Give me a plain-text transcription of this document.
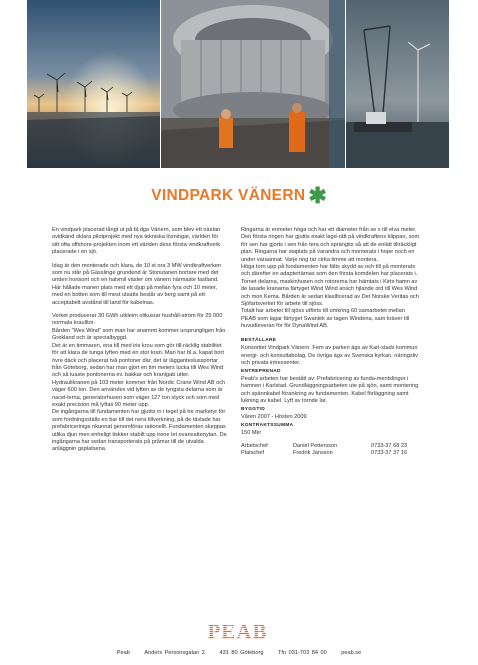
VINDPARK VÄNERN ✱

En vindpark placerad långt ut på bl.dga Vänern, som blev ett nästan ovidkänd oklara pilotprojekt med nya tekniska lösningar, världen för sitt ofta offshore-projekten inom ett världen dess första vindkraftverk placerade i en sjö.

Idag är den monterade och klara, de 10 st ora 3 MW vindkraftverken som nu står på Gässlinge grundend är Stonutanen bortare med det unden horisont och en halvmil väster om vänern närmaste fastland. Här hållade manen plats med ett djup på mellan fyra och 10 meter, med en botten som till mest utsatts består av berg samt på ett acceptabelt avstånd till land för kabelnas.

Verket producerar 30 GWh utkleim olikusrar hushåll-ström för 25 000 normala kraulltor.

Bården "Wes Wind" som man har anammt kommer ursprungligen från Grekland och är specialbyggd.

Det är en timmaren, ena till med iris krou som gör till-räckllg stabilitet för att klara de tunga lyften med en stor kran. Man har bl.a. kapat bort övre däck och placerat två pontoner där, det är lägganteslussportar från Göteborg, sedan har man gjort en tim meters lucka till Wes Wind och så luaste pontonerna ev. bakkar och kranlgab utter. Hydraulikranen på 103 meter kommer från Nordic Crane Wind AB och väger 600 ton. Den användes vid lyften av de tyngsta delarna som är nacel-lerna, generatorhusen som väger 127 ton styck och som med exakt precision må lyftas 90 meter upp.

De ingångarna till fundamenten har gjutits in i tegel på tre marketyr för som fordningsställs en bar till det nera tillverkning, på de tävlade har prefabricerinige nkunnat genomföras rationellt. Fundamenten skeppas utlika djun men enheligt tiskker stabilt upp irene let ovanvattenytan. De ingångarna har sedan transporterats på pråmar till de utvalda anläggnin gsplatsena.

Ringarna är enmeter höga och har ett diameter från se x till elva meter. Den första ringen har gjutits exakt lagd-rätt på vindkraftens klippan, som för sen har gjorts i sen från tera och sprängits så att de enlätt tillräckligt plan. Ringarna har staplats på varandra och monterats i hope noch en under varaannat. Varje ring tar cirka timme att montera.

Höga torn upp på fundamenten har fälts skydd av och till på monterats och därefter en adaptertärnas som den första komdelen har placerats i. Tornet delarna, maskinhusen och rotorerna har hämtats i Kirts hamn av de lasade kranarna färtyget Wind Wind ansch hjlande ord till Wes Wind och mon Kema. Bården är sedan klasificerad av Det Norske Veritas och Sjöfartsverket för arbete till sjöss.

Totalt har arbetet till sjöss utförts till omkring 60 samarbetet mellan PEAB som lagar färtyget Swanlek av tagen Windena, sam kräver till huvudleveran för för DynaWind AB.

BESTÄLLARE
Konsortiet Vindpark Vänern. Fem av parken ägs av Karl-stads kommun energi- och konsultabolag. De övriga ägs av Svenska kyrkan, näringsliv och privata intressenter.
ENTREPRENAD
Peab's arbeten har bestått av: Prefabricering av funda-mentslingor i hamnen i Karlstad. Grundläggningsarbeten ute på sjön, samt montering och spännkabel förankring av fundamenten. Kabel förläggning samt lukning av kabel. Lyft av tornde lar.
BYGGTID
Våren 2007 - Hösten 2009
KONTRAKTSSUMMA
150 Mkr
Arbetschef	Daniel Pettersson	0733-37 68 23
Platschef	Fredrik Jansson	0733-37 37 16
Peab	Anders Personsgatan 2	431 80 Göteborg	Tfn 031-703 84 00	peab.se
